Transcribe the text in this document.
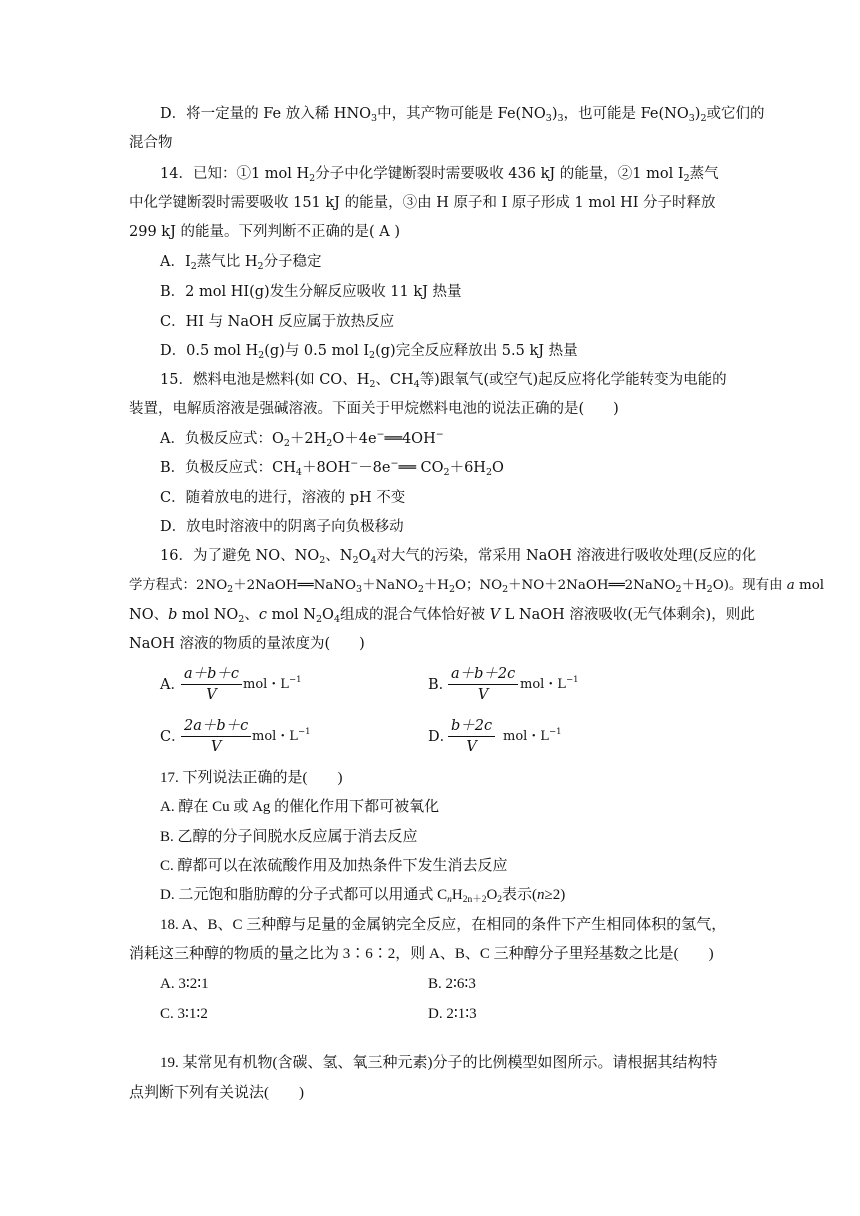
D．将一定量的 Fe 放入稀 $HNO_3$中，其产物可能是 $Fe(NO_3)_3$，也可能是 $Fe(NO_3)_2$或它们的
混合物
14．已知：①1 mol $H_2$分子中化学键断裂时需要吸收 436 kJ 的能量，②1 mol $I_2$蒸气
中化学键断裂时需要吸收 151 kJ 的能量，③由 H 原子和 I 原子形成 1 mol HI 分子时释放
299 kJ 的能量。下列判断不正确的是( A )
A．$I_2$蒸气比 $H_2$分子稳定
B．2 mol HI(g)发生分解反应吸收 11 kJ 热量
C．HI 与 NaOH 反应属于放热反应
D．0.5 mol $H_2(g)$与 0.5 mol $I_2(g)$完全反应释放出 5.5 kJ 热量
15．燃料电池是燃料(如 CO、$H_2$、$CH_4$等)跟氧气(或空气)起反应将化学能转变为电能的
装置，电解质溶液是强碱溶液。下面关于甲烷燃料电池的说法正确的是(　　)
A．负极反应式：$O_2+2H_2O+4e^-══4OH^-$
B．负极反应式：$CH_4+8OH^--8e^-══$ $CO_2+6H_2O$
C．随着放电的进行，溶液的 pH 不变
D．放电时溶液中的阴离子向负极移动
16．为了避免 NO、$NO_2$、$N_2O_4$对大气的污染，常采用 NaOH 溶液进行吸收处理(反应的化
学方程式：$2NO_2+2NaOH══NaNO_3+NaNO_2+H_2O$；$NO_2+NO+2NaOH══2NaNO_2+H_2O$)。现有由 a mol
NO、b mol $NO_2$、c mol $N_2O_4$组成的混合气体恰好被 V L NaOH 溶液吸收(无气体剩余)，则此
NaOH 溶液的物质的量浓度为(　　)
A．
a＋b＋c
V
mol・$L^{-1}$	B．
a＋b＋2c
V
mol・$L^{-1}$
C．
2a＋b＋c
V
mol・$L^{-1}$	D．
b＋2c
V
mol・$L^{-1}$
17. 下列说法正确的是(　　)
A. 醇在 Cu 或 Ag 的催化作用下都可被氧化
B. 乙醇的分子间脱水反应属于消去反应
C. 醇都可以在浓硫酸作用及加热条件下发生消去反应
D. 二元饱和脂肪醇的分子式都可以用通式 $C_nH_{2n+2}O_2$表示(n≥2)
18. A、B、C 三种醇与足量的金属钠完全反应，在相同的条件下产生相同体积的氢气，
消耗这三种醇的物质的量之比为 3∶6∶2，则 A、B、C 三种醇分子里羟基数之比是(　　)
A. 3∶2∶1	B. 2∶6∶3
C. 3∶1∶2	D. 2∶1∶3
19. 某常见有机物(含碳、氢、氧三种元素)分子的比例模型如图所示。请根据其结构特
点判断下列有关说法(　　)
